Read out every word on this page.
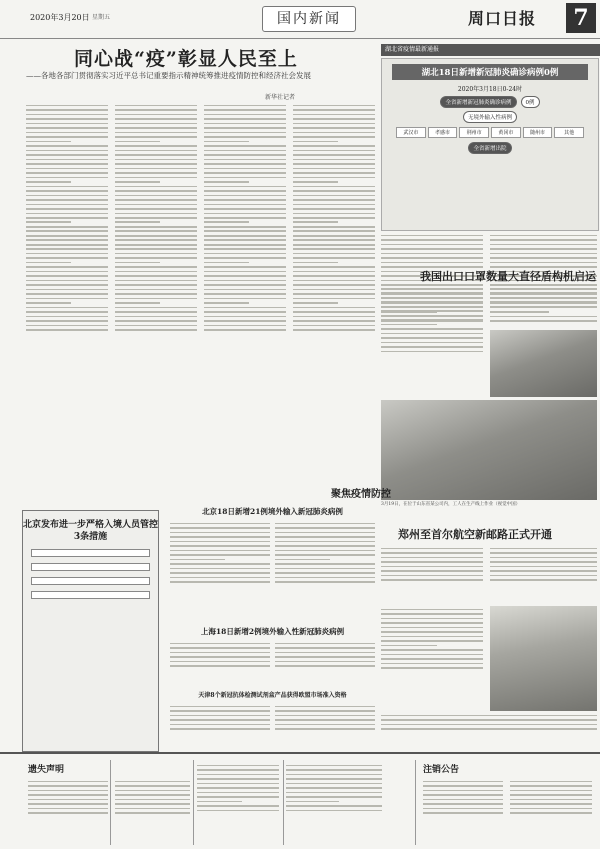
2020年3月20日 星期五	国内新闻	周口日报	7
同心战“疫”彰显人民至上
——各地各部门贯彻落实习近平总书记重要指示精神统筹推进疫情防控和经济社会发展
新华社记者
湖北省疫情最新通报
湖北18日新增新冠肺炎确诊病例0例
2020年3月18日0-24时
全省新增新冠肺炎确诊病例	0例
无境外输入性病例
武汉市	孝感市	荆州市	黄冈市	随州市	其他
全省新增出院
我国出口口罩数量大直径盾构机启运
3月19日，在位于山东省某公司内，工人在生产线上作业（视觉中国）
郑州至首尔航空新邮路正式开通
北京发布进一步严格入境人员管控3条措施
聚焦疫情防控
北京18日新增21例境外输入新冠肺炎病例
上海18日新增2例境外输入性新冠肺炎病例
天津8个新冠抗体检测试剂盒产品获得欧盟市场准入资格
遗失声明	注销公告
